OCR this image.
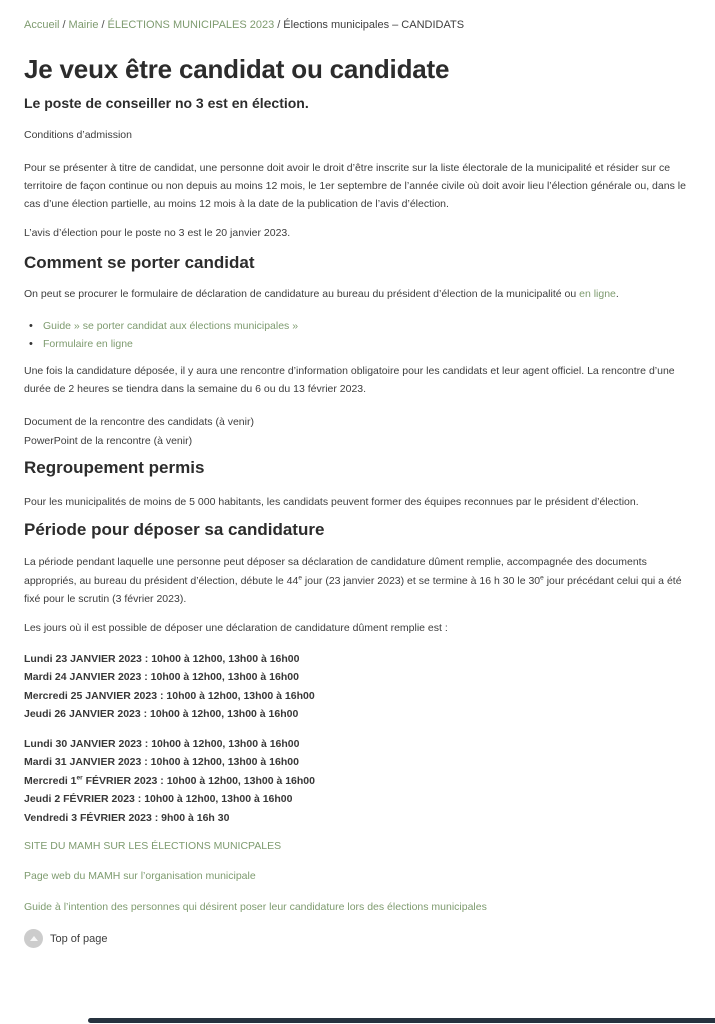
Accueil / Mairie / ÉLECTIONS MUNICIPALES 2023 / Élections municipales – CANDIDATS
Je veux être candidat ou candidate
Le poste de conseiller no 3 est en élection.

Conditions d’admission

Pour se présenter à titre de candidat, une personne doit avoir le droit d’être inscrite sur la liste électorale de la municipalité et résider sur ce territoire de façon continue ou non depuis au moins 12 mois, le 1er septembre de l’année civile où doit avoir lieu l’élection générale ou, dans le cas d’une élection partielle, au moins 12 mois à la date de la publication de l’avis d’élection.

L’avis d’élection pour le poste no 3 est le 20 janvier 2023.

Comment se porter candidat

On peut se procurer le formulaire de déclaration de candidature au bureau du président d’élection de la municipalité ou en ligne.

• Guide » se porter candidat aux élections municipales »
• Formulaire en ligne

Une fois la candidature déposée, il y aura une rencontre d’information obligatoire pour les candidats et leur agent officiel. La rencontre d’une durée de 2 heures se tiendra dans la semaine du 6 ou du 13 février 2023.

Document de la rencontre des candidats (à venir)
PowerPoint de la rencontre (à venir)

Regroupement permis

Pour les municipalités de moins de 5 000 habitants, les candidats peuvent former des équipes reconnues par le président d’élection.

Période pour déposer sa candidature

La période pendant laquelle une personne peut déposer sa déclaration de candidature dûment remplie, accompagnée des documents appropriés, au bureau du président d’élection, débute le 44e jour (23 janvier 2023) et se termine à 16 h 30 le 30e jour précédant celui qui a été fixé pour le scrutin (3 février 2023).

Les jours où il est possible de déposer une déclaration de candidature dûment remplie est :

Lundi 23 JANVIER 2023 : 10h00 à 12h00, 13h00 à 16h00
Mardi 24 JANVIER 2023 : 10h00 à 12h00, 13h00 à 16h00
Mercredi 25 JANVIER 2023 : 10h00 à 12h00, 13h00 à 16h00
Jeudi 26 JANVIER 2023 : 10h00 à 12h00, 13h00 à 16h00
Lundi 30 JANVIER 2023 : 10h00 à 12h00, 13h00 à 16h00
Mardi 31 JANVIER 2023 : 10h00 à 12h00, 13h00 à 16h00
Mercredi 1er FÉVRIER 2023 : 10h00 à 12h00, 13h00 à 16h00
Jeudi 2 FÉVRIER 2023 : 10h00 à 12h00, 13h00 à 16h00
Vendredi 3 FÉVRIER 2023 : 9h00 à 16h 30
SITE DU MAMH SUR LES ÉLECTIONS MUNICPALES
Page web du MAMH sur l’organisation municipale
Guide à l’intention des personnes qui désirent poser leur candidature lors des élections municipales
Top of page
